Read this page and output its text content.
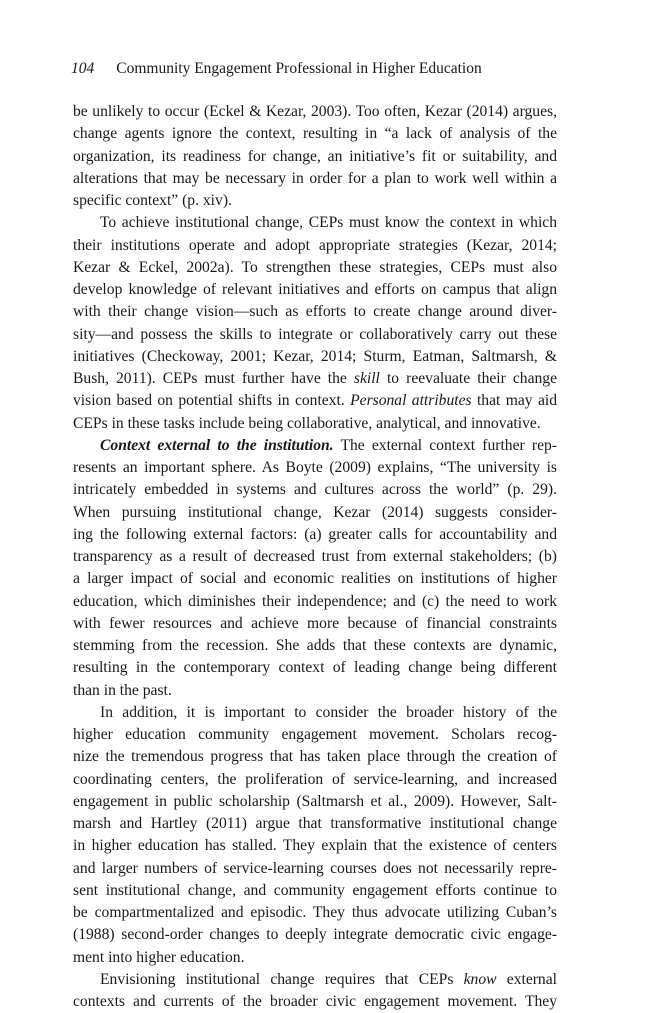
104 Community Engagement Professional in Higher Education
be unlikely to occur (Eckel & Kezar, 2003). Too often, Kezar (2014) argues,
change agents ignore the context, resulting in “a lack of analysis of the
organization, its readiness for change, an initiative’s fit or suitability, and
alterations that may be necessary in order for a plan to work well within a
specific context” (p. xiv).
To achieve institutional change, CEPs must know the context in which
their institutions operate and adopt appropriate strategies (Kezar, 2014;
Kezar & Eckel, 2002a). To strengthen these strategies, CEPs must also
develop knowledge of relevant initiatives and efforts on campus that align
with their change vision—such as efforts to create change around diver-
sity—and possess the skills to integrate or collaboratively carry out these
initiatives (Checkoway, 2001; Kezar, 2014; Sturm, Eatman, Saltmarsh, &
Bush, 2011). CEPs must further have the skill to reevaluate their change
vision based on potential shifts in context. Personal attributes that may aid
CEPs in these tasks include being collaborative, analytical, and innovative.
Context external to the institution. The external context further rep-
resents an important sphere. As Boyte (2009) explains, “The university is
intricately embedded in systems and cultures across the world” (p. 29).
When pursuing institutional change, Kezar (2014) suggests consider-
ing the following external factors: (a) greater calls for accountability and
transparency as a result of decreased trust from external stakeholders; (b)
a larger impact of social and economic realities on institutions of higher
education, which diminishes their independence; and (c) the need to work
with fewer resources and achieve more because of financial constraints
stemming from the recession. She adds that these contexts are dynamic,
resulting in the contemporary context of leading change being different
than in the past.
In addition, it is important to consider the broader history of the
higher education community engagement movement. Scholars recog-
nize the tremendous progress that has taken place through the creation of
coordinating centers, the proliferation of service-learning, and increased
engagement in public scholarship (Saltmarsh et al., 2009). However, Salt-
marsh and Hartley (2011) argue that transformative institutional change
in higher education has stalled. They explain that the existence of centers
and larger numbers of service-learning courses does not necessarily repre-
sent institutional change, and community engagement efforts continue to
be compartmentalized and episodic. They thus advocate utilizing Cuban’s
(1988) second-order changes to deeply integrate democratic civic engage-
ment into higher education.
Envisioning institutional change requires that CEPs know external
contexts and currents of the broader civic engagement movement. They
